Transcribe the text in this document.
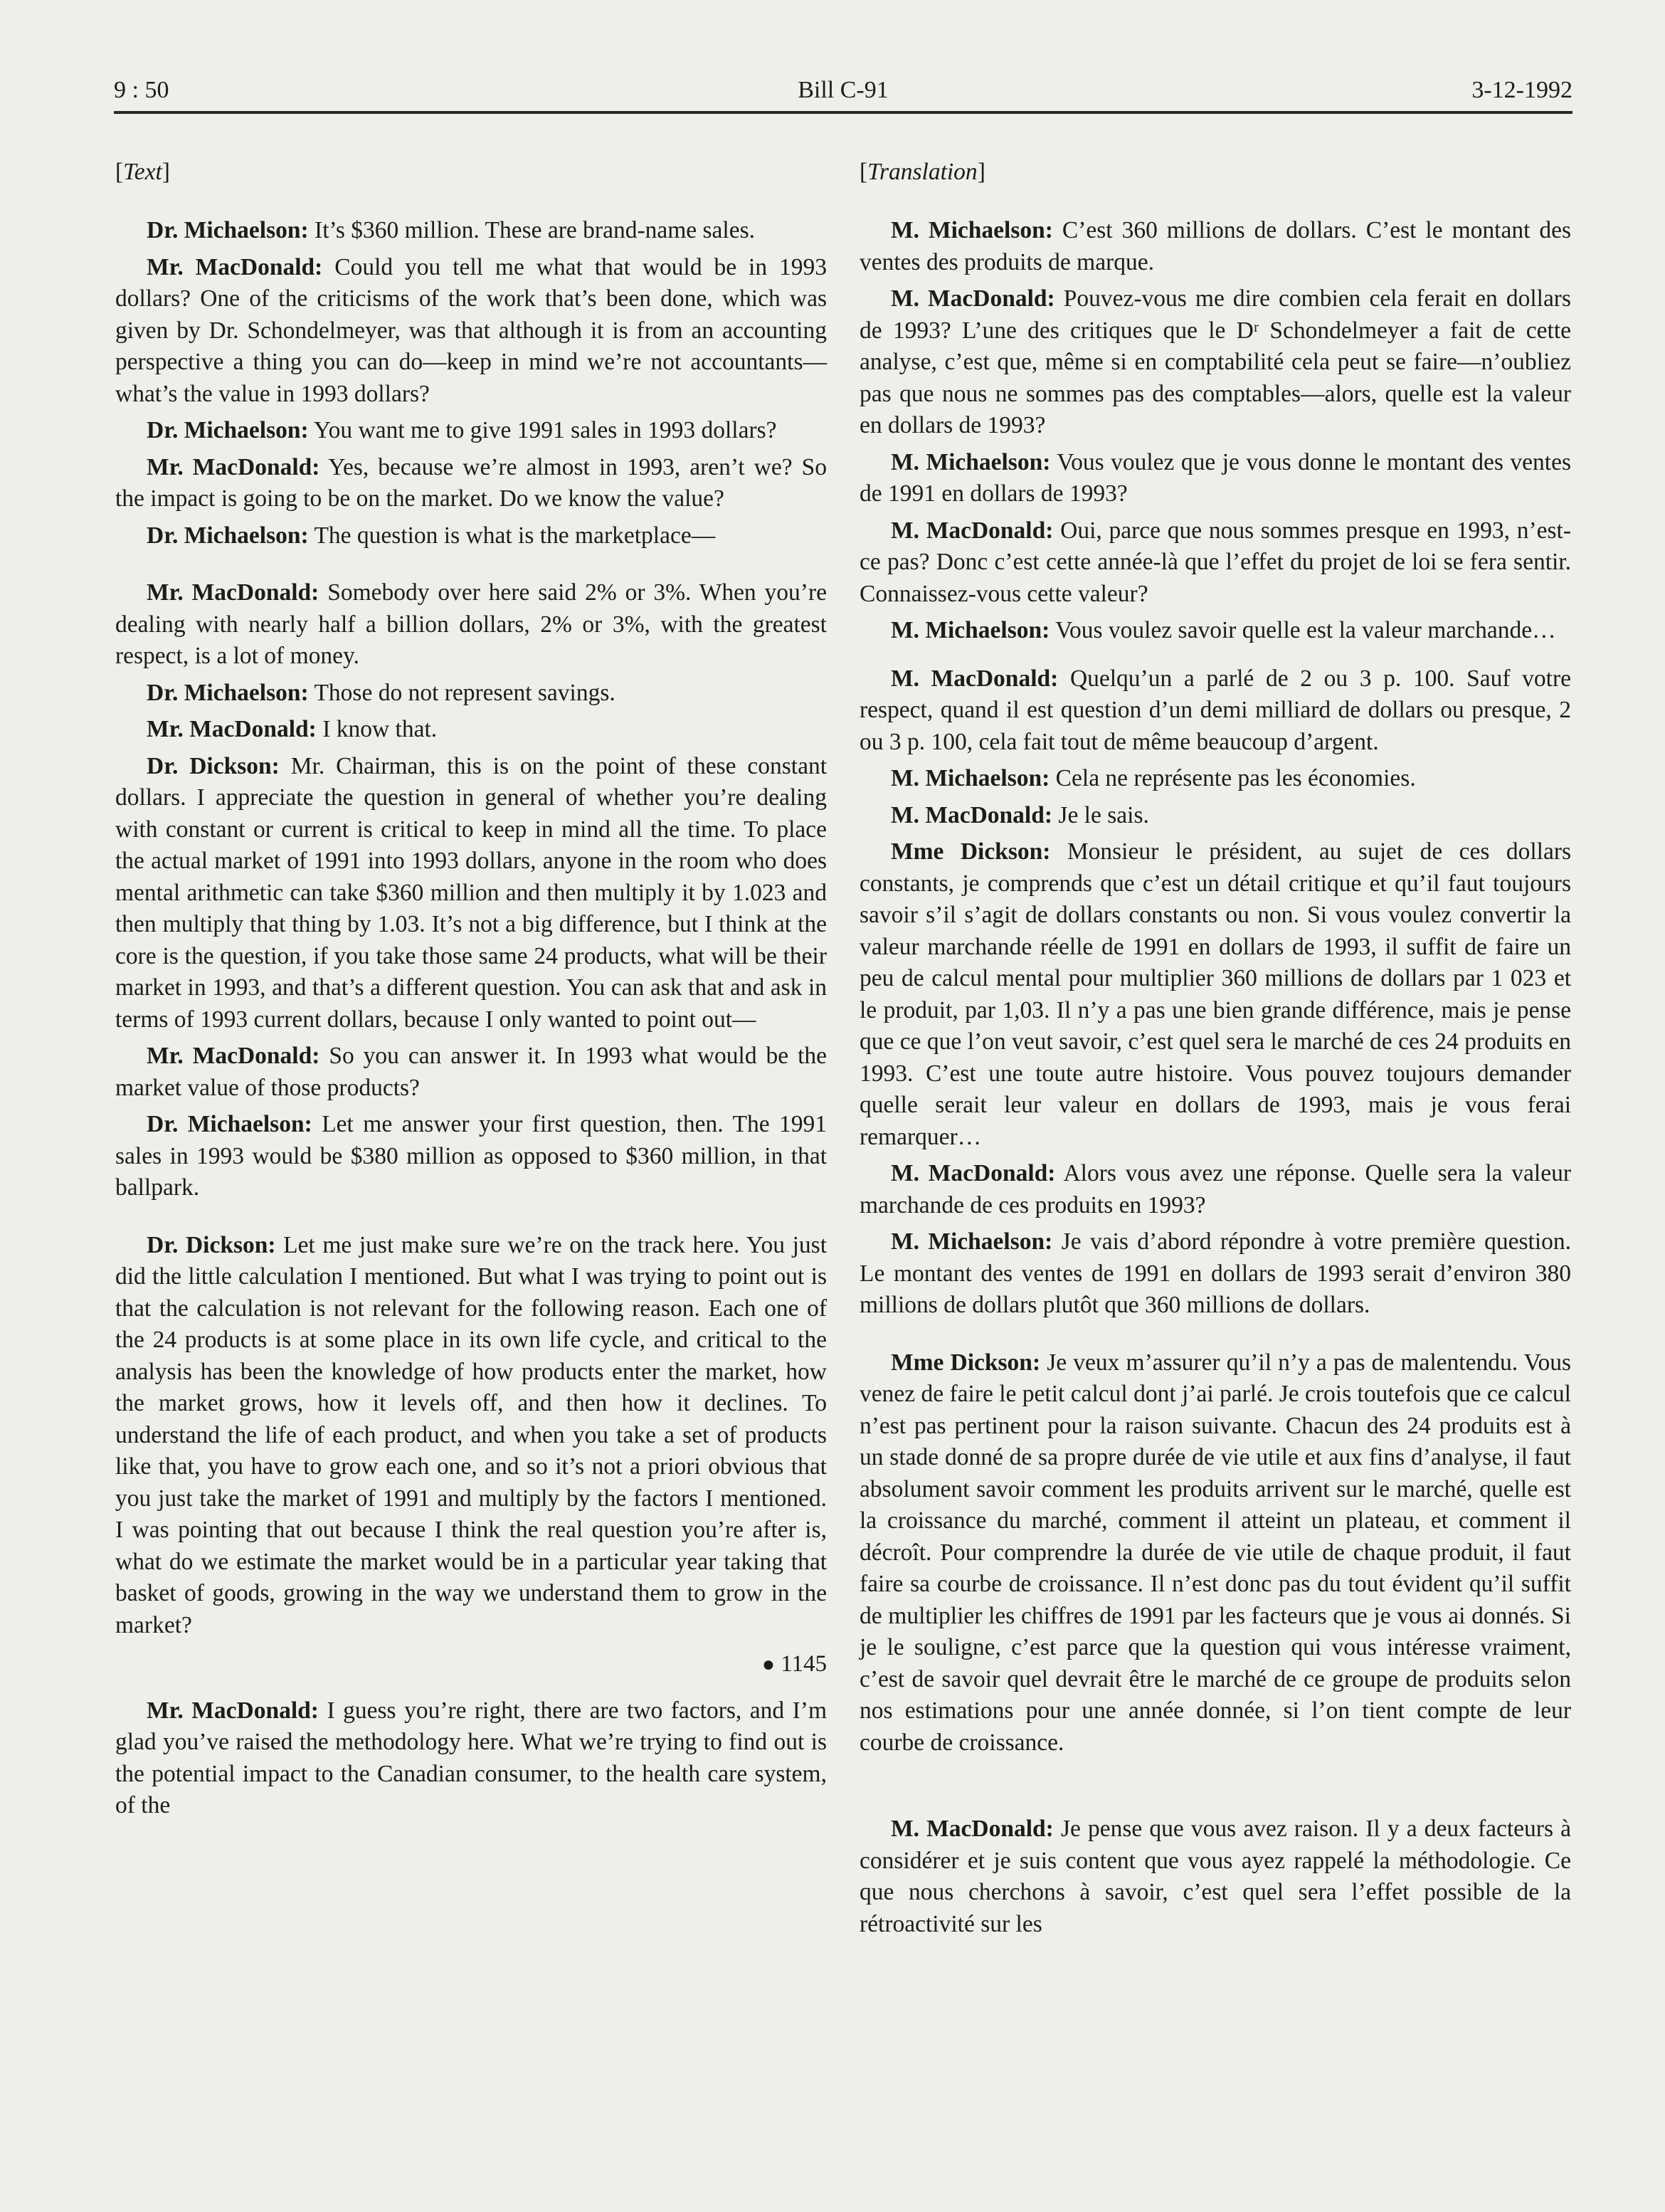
9 : 50	Bill C-91	3-12-1992
[Text]

Dr. Michaelson: It’s $360 million. These are brand-name sales.

Mr. MacDonald: Could you tell me what that would be in 1993 dollars? One of the criticisms of the work that’s been done, which was given by Dr. Schondelmeyer, was that although it is from an accounting perspective a thing you can do—keep in mind we’re not accountants—what’s the value in 1993 dollars?

Dr. Michaelson: You want me to give 1991 sales in 1993 dollars?

Mr. MacDonald: Yes, because we’re almost in 1993, aren’t we? So the impact is going to be on the market. Do we know the value?

Dr. Michaelson: The question is what is the marketplace—

Mr. MacDonald: Somebody over here said 2% or 3%. When you’re dealing with nearly half a billion dollars, 2% or 3%, with the greatest respect, is a lot of money.

Dr. Michaelson: Those do not represent savings.

Mr. MacDonald: I know that.

Dr. Dickson: Mr. Chairman, this is on the point of these constant dollars. I appreciate the question in general of whether you’re dealing with constant or current is critical to keep in mind all the time. To place the actual market of 1991 into 1993 dollars, anyone in the room who does mental arithmetic can take $360 million and then multiply it by 1.023 and then multiply that thing by 1.03. It’s not a big difference, but I think at the core is the question, if you take those same 24 products, what will be their market in 1993, and that’s a different question. You can ask that and ask in terms of 1993 current dollars, because I only wanted to point out—

Mr. MacDonald: So you can answer it. In 1993 what would be the market value of those products?

Dr. Michaelson: Let me answer your first question, then. The 1991 sales in 1993 would be $380 million as opposed to $360 million, in that ballpark.

Dr. Dickson: Let me just make sure we’re on the track here. You just did the little calculation I mentioned. But what I was trying to point out is that the calculation is not relevant for the following reason. Each one of the 24 products is at some place in its own life cycle, and critical to the analysis has been the knowledge of how products enter the market, how the market grows, how it levels off, and then how it declines. To understand the life of each product, and when you take a set of products like that, you have to grow each one, and so it’s not a priori obvious that you just take the market of 1991 and multiply by the factors I mentioned. I was pointing that out because I think the real question you’re after is, what do we estimate the market would be in a particular year taking that basket of goods, growing in the way we understand them to grow in the market?

● 1145

Mr. MacDonald: I guess you’re right, there are two factors, and I’m glad you’ve raised the methodology here. What we’re trying to find out is the potential impact to the Canadian consumer, to the health care system, of the

[Translation]

M. Michaelson: C’est 360 millions de dollars. C’est le montant des ventes des produits de marque.

M. MacDonald: Pouvez-vous me dire combien cela ferait en dollars de 1993? L’une des critiques que le Dʳ Schondelmeyer a fait de cette analyse, c’est que, même si en comptabilité cela peut se faire—n’oubliez pas que nous ne sommes pas des comptables—alors, quelle est la valeur en dollars de 1993?

M. Michaelson: Vous voulez que je vous donne le montant des ventes de 1991 en dollars de 1993?

M. MacDonald: Oui, parce que nous sommes presque en 1993, n’est-ce pas? Donc c’est cette année-là que l’effet du projet de loi se fera sentir. Connaissez-vous cette valeur?

M. Michaelson: Vous voulez savoir quelle est la valeur marchande…

M. MacDonald: Quelqu’un a parlé de 2 ou 3 p. 100. Sauf votre respect, quand il est question d’un demi milliard de dollars ou presque, 2 ou 3 p. 100, cela fait tout de même beaucoup d’argent.

M. Michaelson: Cela ne représente pas les économies.

M. MacDonald: Je le sais.

Mme Dickson: Monsieur le président, au sujet de ces dollars constants, je comprends que c’est un détail critique et qu’il faut toujours savoir s’il s’agit de dollars constants ou non. Si vous voulez convertir la valeur marchande réelle de 1991 en dollars de 1993, il suffit de faire un peu de calcul mental pour multiplier 360 millions de dollars par 1 023 et le produit, par 1,03. Il n’y a pas une bien grande différence, mais je pense que ce que l’on veut savoir, c’est quel sera le marché de ces 24 produits en 1993. C’est une toute autre histoire. Vous pouvez toujours demander quelle serait leur valeur en dollars de 1993, mais je vous ferai remarquer…

M. MacDonald: Alors vous avez une réponse. Quelle sera la valeur marchande de ces produits en 1993?

M. Michaelson: Je vais d’abord répondre à votre première question. Le montant des ventes de 1991 en dollars de 1993 serait d’environ 380 millions de dollars plutôt que 360 millions de dollars.

Mme Dickson: Je veux m’assurer qu’il n’y a pas de malentendu. Vous venez de faire le petit calcul dont j’ai parlé. Je crois toutefois que ce calcul n’est pas pertinent pour la raison suivante. Chacun des 24 produits est à un stade donné de sa propre durée de vie utile et aux fins d’analyse, il faut absolument savoir comment les produits arrivent sur le marché, quelle est la croissance du marché, comment il atteint un plateau, et comment il décroît. Pour comprendre la durée de vie utile de chaque produit, il faut faire sa courbe de croissance. Il n’est donc pas du tout évident qu’il suffit de multiplier les chiffres de 1991 par les facteurs que je vous ai donnés. Si je le souligne, c’est parce que la question qui vous intéresse vraiment, c’est de savoir quel devrait être le marché de ce groupe de produits selon nos estimations pour une année donnée, si l’on tient compte de leur courbe de croissance.

M. MacDonald: Je pense que vous avez raison. Il y a deux facteurs à considérer et je suis content que vous ayez rappelé la méthodologie. Ce que nous cherchons à savoir, c’est quel sera l’effet possible de la rétroactivité sur les
